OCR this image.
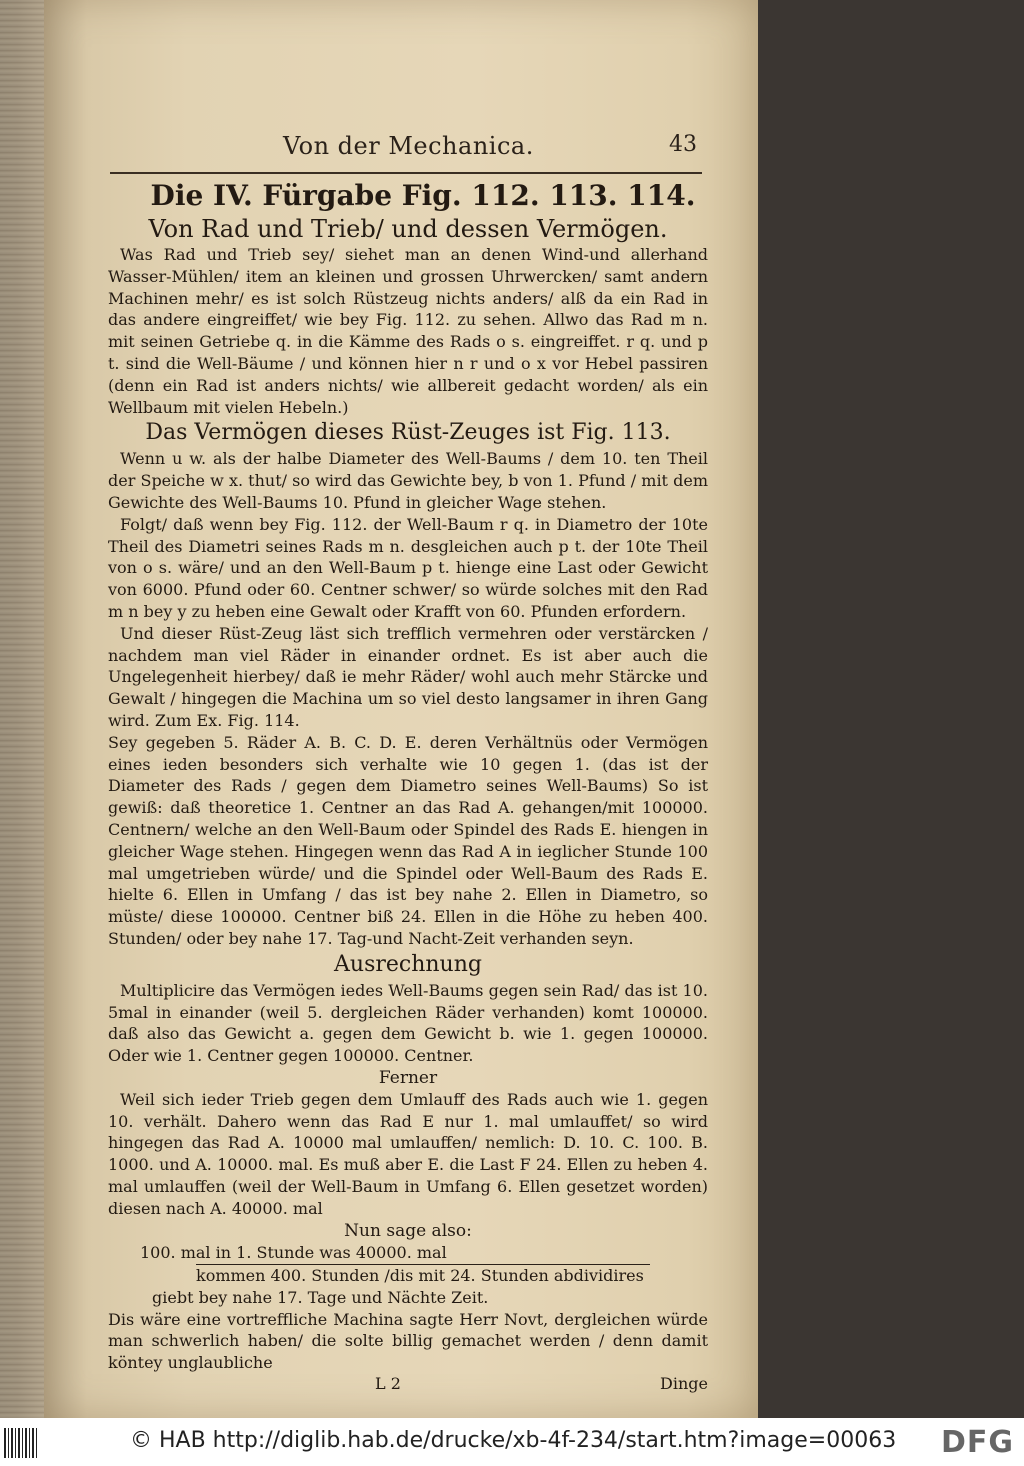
Von der Mechanica.	43
Die IV. Fürgabe Fig. 112. 113. 114.
Von Rad und Trieb/ und dessen Vermögen.

Was Rad und Trieb sey/ siehet man an denen Wind-und allerhand Wasser-Mühlen/ item an kleinen und grossen Uhrwercken/ samt andern Machinen mehr/ es ist solch Rüstzeug nichts anders/ alß da ein Rad in das andere eingreiffet/ wie bey Fig. 112. zu sehen. Allwo das Rad m n. mit seinen Getriebe q. in die Kämme des Rads o s. eingreiffet. r q. und p t. sind die Well-Bäume / und können hier n r und o x vor Hebel passiren (denn ein Rad ist anders nichts/ wie allbereit gedacht worden/ als ein Wellbaum mit vielen Hebeln.)

Das Vermögen dieses Rüst-Zeuges ist Fig. 113.

Wenn u w. als der halbe Diameter des Well-Baums / dem 10. ten Theil der Speiche w x. thut/ so wird das Gewichte bey, b von 1. Pfund / mit dem Gewichte des Well-Baums 10. Pfund in gleicher Wage stehen.

Folgt/ daß wenn bey Fig. 112. der Well-Baum r q. in Diametro der 10te Theil des Diametri seines Rads m n. desgleichen auch p t. der 10te Theil von o s. wäre/ und an den Well-Baum p t. hienge eine Last oder Gewicht von 6000. Pfund oder 60. Centner schwer/ so würde solches mit den Rad m n bey y zu heben eine Gewalt oder Krafft von 60. Pfunden erfordern.

Und dieser Rüst-Zeug läst sich trefflich vermehren oder verstärcken / nachdem man viel Räder in einander ordnet. Es ist aber auch die Ungelegenheit hierbey/ daß ie mehr Räder/ wohl auch mehr Stärcke und Gewalt / hingegen die Machina um so viel desto langsamer in ihren Gang wird. Zum Ex. Fig. 114.

Sey gegeben 5. Räder A. B. C. D. E. deren Verhältnüs oder Vermögen eines ieden besonders sich verhalte wie 10 gegen 1. (das ist der Diameter des Rads / gegen dem Diametro seines Well-Baums) So ist gewiß: daß theoretice 1. Centner an das Rad A. gehangen/mit 100000. Centnern/ welche an den Well-Baum oder Spindel des Rads E. hiengen in gleicher Wage stehen. Hingegen wenn das Rad A in ieglicher Stunde 100 mal umgetrieben würde/ und die Spindel oder Well-Baum des Rads E. hielte 6. Ellen in Umfang / das ist bey nahe 2. Ellen in Diametro, so müste/ diese 100000. Centner biß 24. Ellen in die Höhe zu heben 400. Stunden/ oder bey nahe 17. Tag-und Nacht-Zeit verhanden seyn.

Ausrechnung

Multiplicire das Vermögen iedes Well-Baums gegen sein Rad/ das ist 10. 5mal in einander (weil 5. dergleichen Räder verhanden) komt 100000. daß also das Gewicht a. gegen dem Gewicht b. wie 1. gegen 100000. Oder wie 1. Centner gegen 100000. Centner.

Ferner

Weil sich ieder Trieb gegen dem Umlauff des Rads auch wie 1. gegen 10. verhält. Dahero wenn das Rad E nur 1. mal umlauffet/ so wird hingegen das Rad A. 10000 mal umlauffen/ nemlich: D. 10. C. 100. B. 1000. und A. 10000. mal. Es muß aber E. die Last F 24. Ellen zu heben 4. mal umlauffen (weil der Well-Baum in Umfang 6. Ellen gesetzet worden) diesen nach A. 40000. mal

Nun sage also:
100. mal in 1. Stunde was 40000. mal
kommen 400. Stunden /dis mit 24. Stunden abdividires
giebt bey nahe 17. Tage und Nächte Zeit.

Dis wäre eine vortreffliche Machina sagte Herr Novt, dergleichen würde man schwerlich haben/ die solte billig gemachet werden / denn damit köntey unglaubliche

L 2	Dinge
© HAB http://diglib.hab.de/drucke/xb-4f-234/start.htm?image=00063 DFG
